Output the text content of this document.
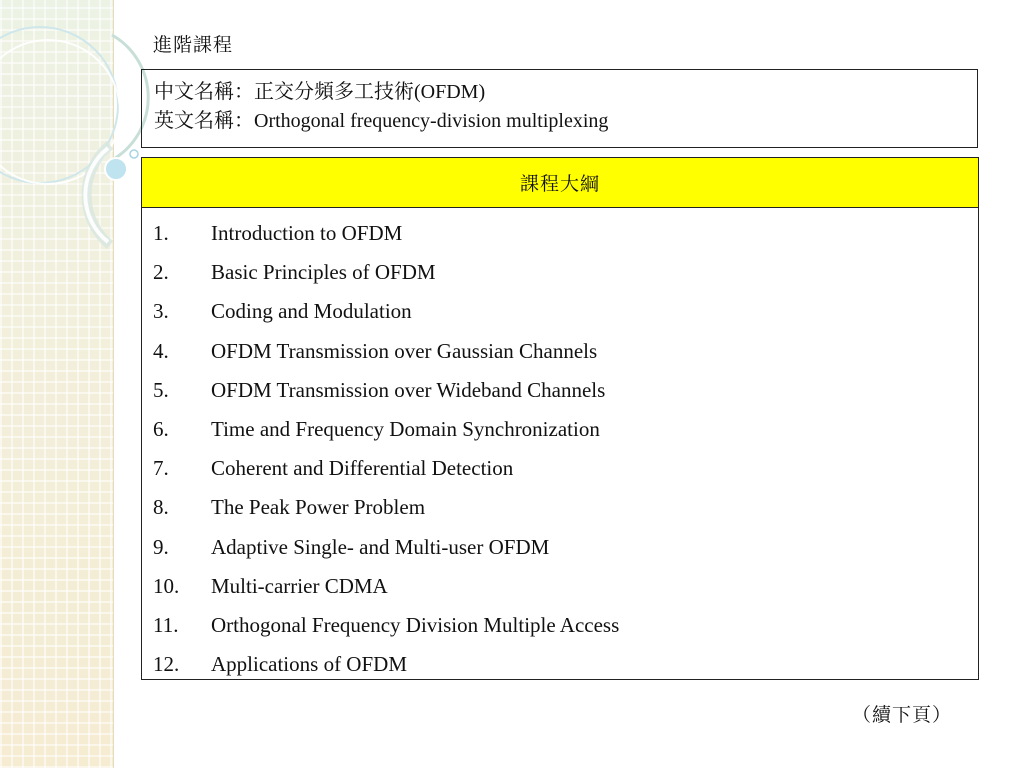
進階課程
中文名稱：正交分頻多工技術(OFDM)
英文名稱：Orthogonal frequency-division multiplexing
課程大綱
1.	Introduction to OFDM
2.	Basic Principles of OFDM
3.	Coding and Modulation
4.	OFDM Transmission over Gaussian Channels
5.	OFDM Transmission over Wideband Channels
6.	Time and Frequency Domain Synchronization
7.	Coherent and Differential Detection
8.	The Peak Power Problem
9.	Adaptive Single- and Multi-user OFDM
10.	Multi-carrier CDMA
11.	Orthogonal Frequency Division Multiple Access
12.	Applications of OFDM
（續下頁）
